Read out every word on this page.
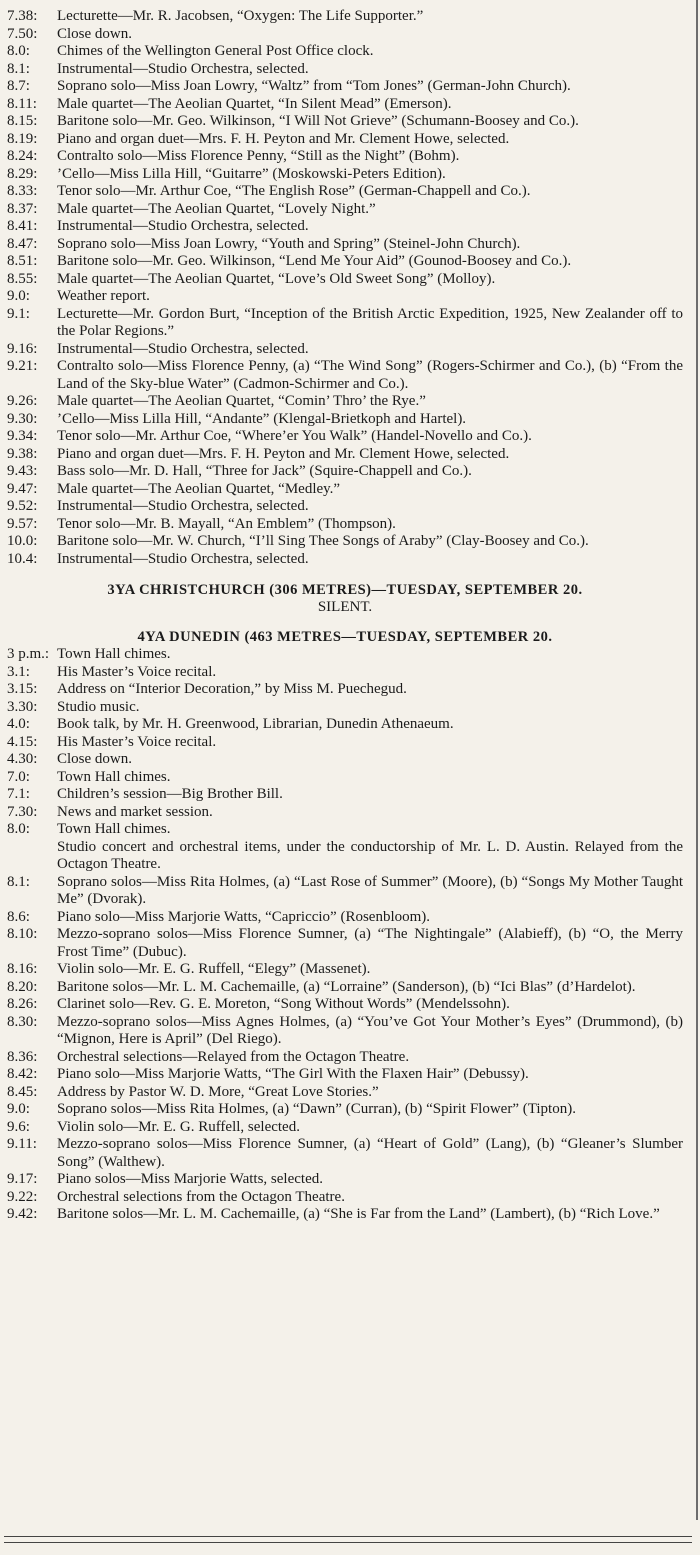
7.38:	Lecturette—Mr. R. Jacobsen, “Oxygen: The Life Supporter.”
7.50:	Close down.
8.0:	Chimes of the Wellington General Post Office clock.
8.1:	Instrumental—Studio Orchestra, selected.
8.7:	Soprano solo—Miss Joan Lowry, “Waltz” from “Tom Jones” (German-John Church).
8.11:	Male quartet—The Aeolian Quartet, “In Silent Mead” (Emerson).
8.15:	Baritone solo—Mr. Geo. Wilkinson, “I Will Not Grieve” (Schumann-Boosey and Co.).
8.19:	Piano and organ duet—Mrs. F. H. Peyton and Mr. Clement Howe, selected.
8.24:	Contralto solo—Miss Florence Penny, “Still as the Night” (Bohm).
8.29:	’Cello—Miss Lilla Hill, “Guitarre” (Moskowski-Peters Edition).
8.33:	Tenor solo—Mr. Arthur Coe, “The English Rose” (German-Chappell and Co.).
8.37:	Male quartet—The Aeolian Quartet, “Lovely Night.”
8.41:	Instrumental—Studio Orchestra, selected.
8.47:	Soprano solo—Miss Joan Lowry, “Youth and Spring” (Steinel-John Church).
8.51:	Baritone solo—Mr. Geo. Wilkinson, “Lend Me Your Aid” (Gounod-Boosey and Co.).
8.55:	Male quartet—The Aeolian Quartet, “Love’s Old Sweet Song” (Molloy).
9.0:	Weather report.
9.1:	Lecturette—Mr. Gordon Burt, “Inception of the British Arctic Expedition, 1925, New Zealander off to the Polar Regions.”
9.16:	Instrumental—Studio Orchestra, selected.
9.21:	Contralto solo—Miss Florence Penny, (a) “The Wind Song” (Rogers-Schirmer and Co.), (b) “From the Land of the Sky-blue Water” (Cadmon-Schirmer and Co.).
9.26:	Male quartet—The Aeolian Quartet, “Comin’ Thro’ the Rye.”
9.30:	’Cello—Miss Lilla Hill, “Andante” (Klengal-Brietkoph and Hartel).
9.34:	Tenor solo—Mr. Arthur Coe, “Where’er You Walk” (Handel-Novello and Co.).
9.38:	Piano and organ duet—Mrs. F. H. Peyton and Mr. Clement Howe, selected.
9.43:	Bass solo—Mr. D. Hall, “Three for Jack” (Squire-Chappell and Co.).
9.47:	Male quartet—The Aeolian Quartet, “Medley.”
9.52:	Instrumental—Studio Orchestra, selected.
9.57:	Tenor solo—Mr. B. Mayall, “An Emblem” (Thompson).
10.0:	Baritone solo—Mr. W. Church, “I’ll Sing Thee Songs of Araby” (Clay-Boosey and Co.).
10.4:	Instrumental—Studio Orchestra, selected.
3YA CHRISTCHURCH (306 METRES)—TUESDAY, SEPTEMBER 20.
SILENT.
4YA DUNEDIN (463 METRES—TUESDAY, SEPTEMBER 20.
3 p.m.: Town Hall chimes.
3.1:	His Master’s Voice recital.
3.15:	Address on “Interior Decoration,” by Miss M. Puechegud.
3.30:	Studio music.
4.0:	Book talk, by Mr. H. Greenwood, Librarian, Dunedin Athenaeum.
4.15:	His Master’s Voice recital.
4.30:	Close down.
7.0:	Town Hall chimes.
7.1:	Children’s session—Big Brother Bill.
7.30:	News and market session.
8.0:	Town Hall chimes.
Studio concert and orchestral items, under the conductorship of Mr. L. D. Austin. Relayed from the Octagon Theatre.
8.1:	Soprano solos—Miss Rita Holmes, (a) “Last Rose of Summer” (Moore), (b) “Songs My Mother Taught Me” (Dvorak).
8.6:	Piano solo—Miss Marjorie Watts, “Capriccio” (Rosenbloom).
8.10:	Mezzo-soprano solos—Miss Florence Sumner, (a) “The Nightingale” (Alabieff), (b) “O, the Merry Frost Time” (Dubuc).
8.16:	Violin solo—Mr. E. G. Ruffell, “Elegy” (Massenet).
8.20:	Baritone solos—Mr. L. M. Cachemaille, (a) “Lorraine” (Sanderson), (b) “Ici Blas” (d’Hardelot).
8.26:	Clarinet solo—Rev. G. E. Moreton, “Song Without Words” (Mendelssohn).
8.30:	Mezzo-soprano solos—Miss Agnes Holmes, (a) “You’ve Got Your Mother’s Eyes” (Drummond), (b) “Mignon, Here is April” (Del Riego).
8.36:	Orchestral selections—Relayed from the Octagon Theatre.
8.42:	Piano solo—Miss Marjorie Watts, “The Girl With the Flaxen Hair” (Debussy).
8.45:	Address by Pastor W. D. More, “Great Love Stories.”
9.0:	Soprano solos—Miss Rita Holmes, (a) “Dawn” (Curran), (b) “Spirit Flower” (Tipton).
9.6:	Violin solo—Mr. E. G. Ruffell, selected.
9.11:	Mezzo-soprano solos—Miss Florence Sumner, (a) “Heart of Gold” (Lang), (b) “Gleaner’s Slumber Song” (Walthew).
9.17:	Piano solos—Miss Marjorie Watts, selected.
9.22:	Orchestral selections from the Octagon Theatre.
9.42:	Baritone solos—Mr. L. M. Cachemaille, (a) “She is Far from the Land” (Lambert), (b) “Rich Love.”
